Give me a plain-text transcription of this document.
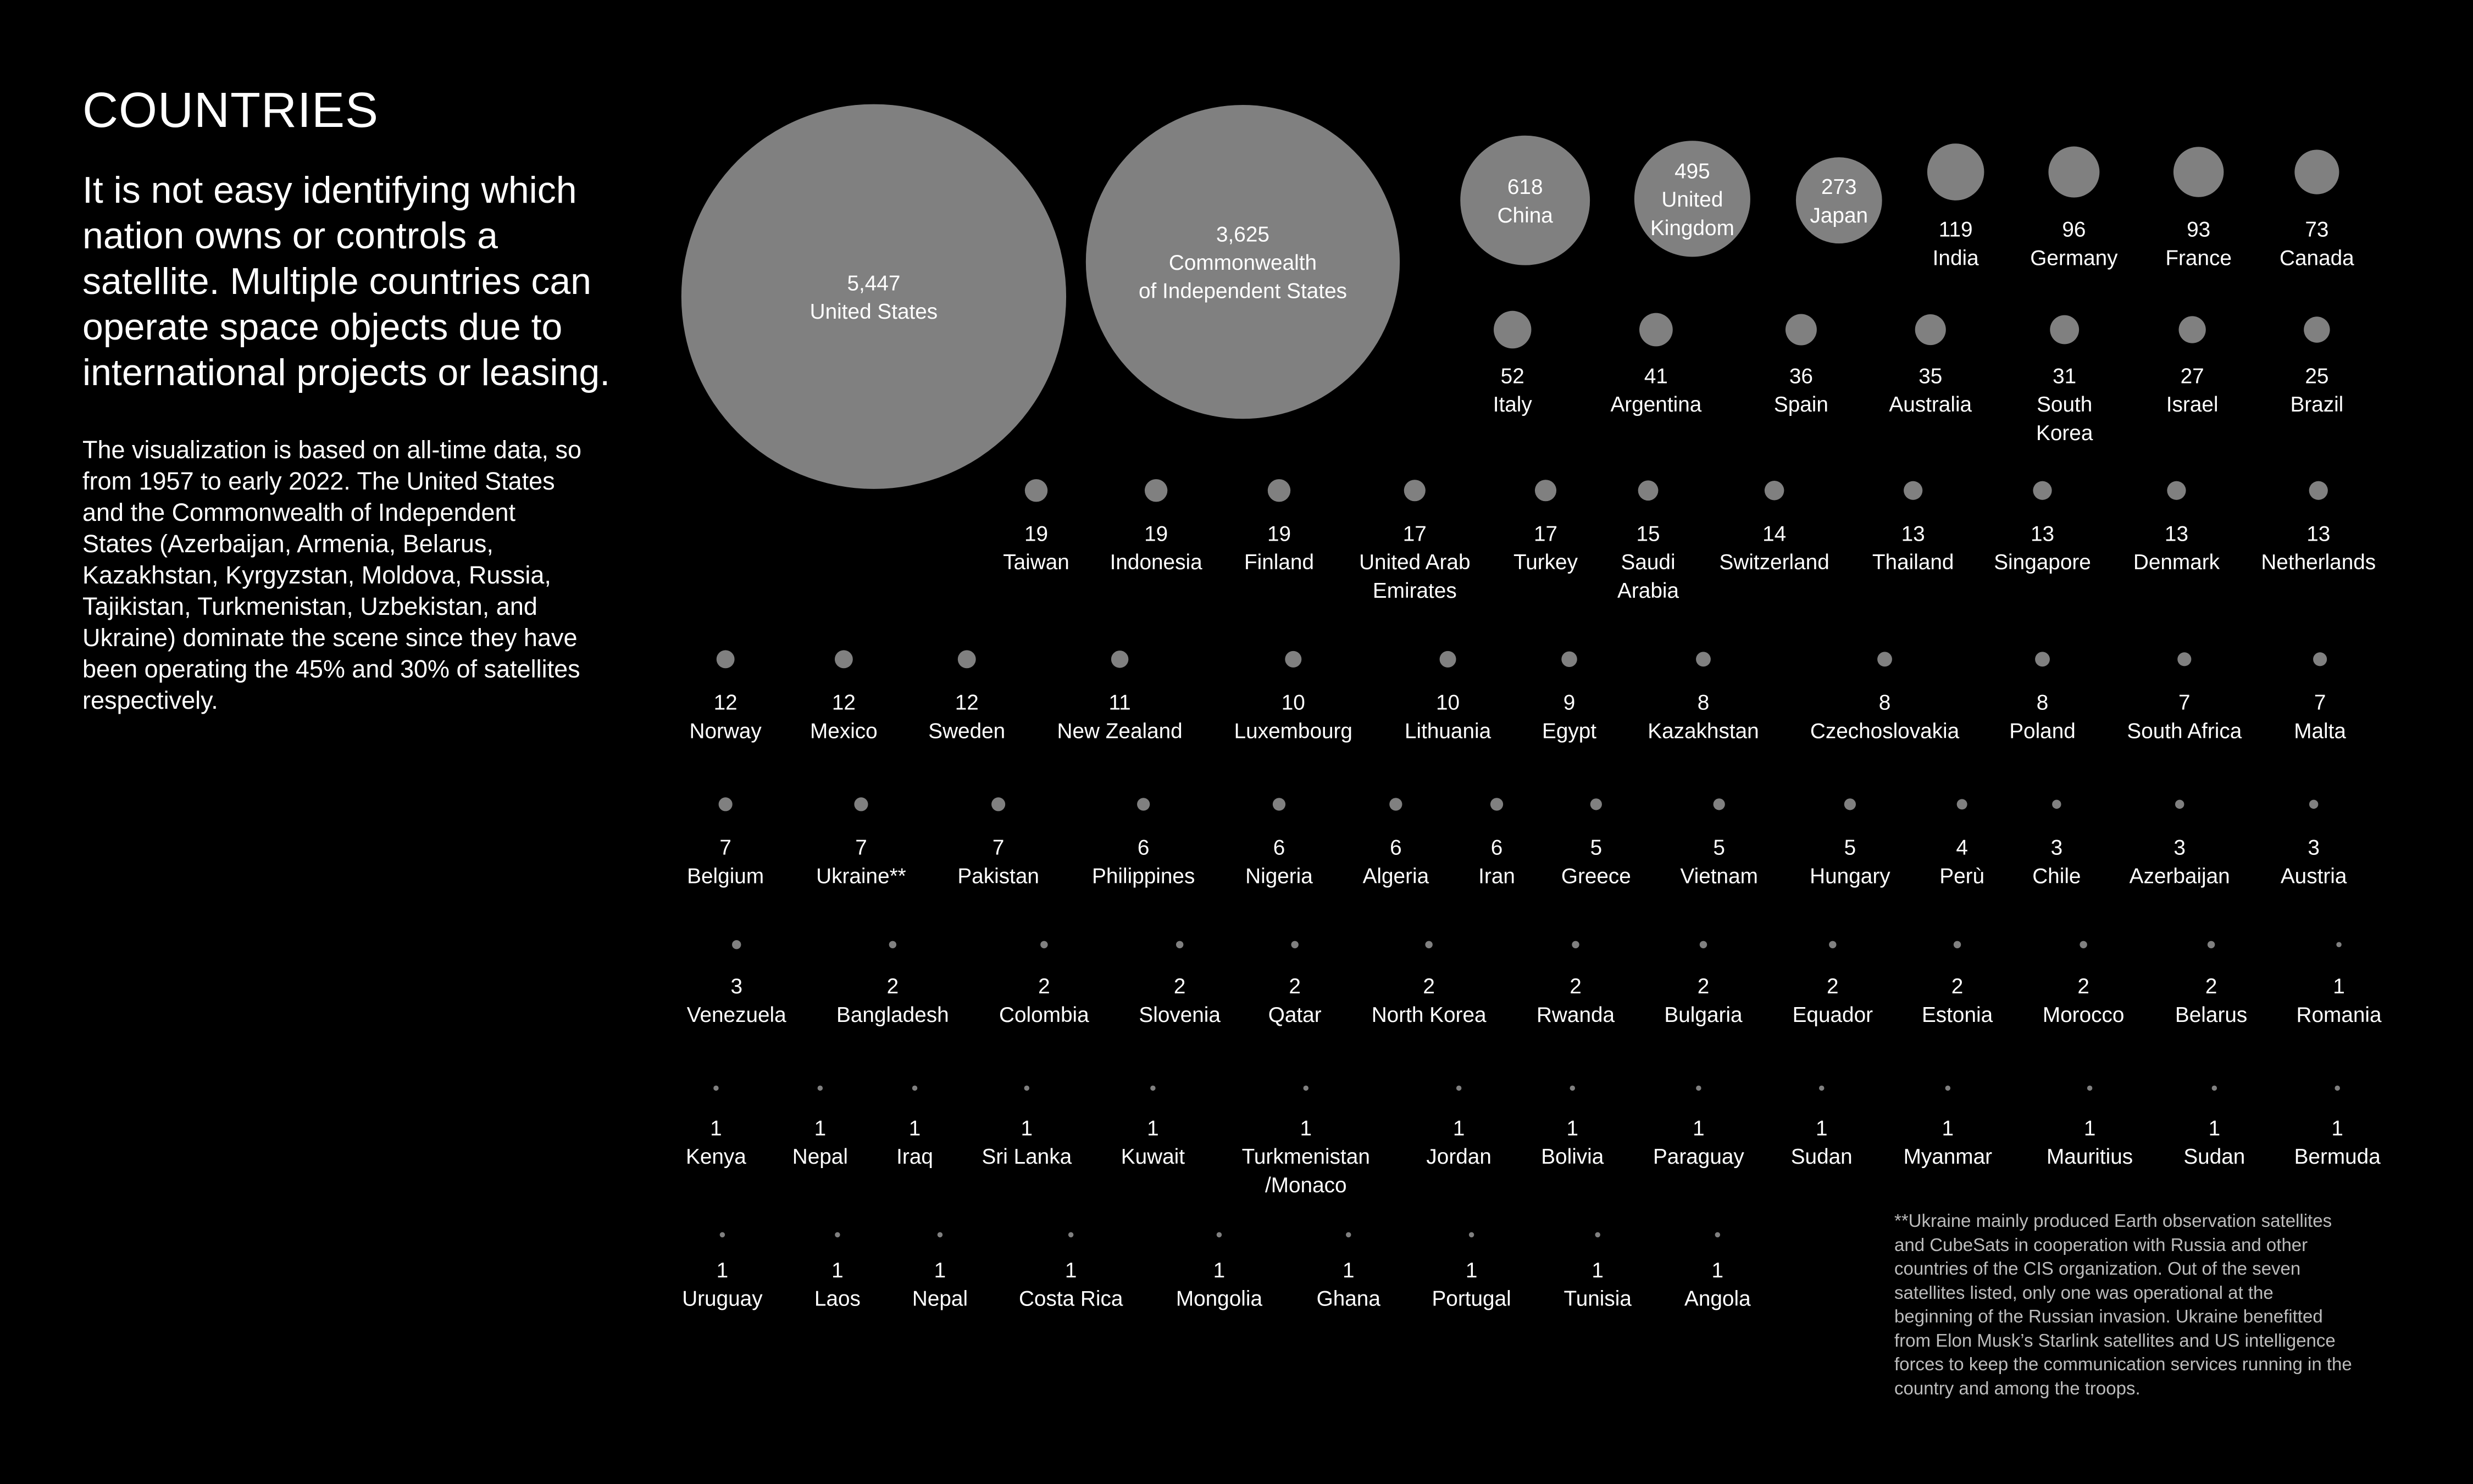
COUNTRIES
It is not easy identifying which
nation owns or controls a
satellite. Multiple countries can
operate space objects due to
international projects or leasing.
The visualization is based on all-time data, so
from 1957 to early 2022. The United States
and the Commonwealth of Independent
States (Azerbaijan, Armenia, Belarus,
Kazakhstan, Kyrgyzstan, Moldova, Russia,
Tajikistan, Turkmenistan, Uzbekistan, and
Ukraine) dominate the scene since they have
been operating the 45% and 30% of satellites
respectively.
**Ukraine mainly produced Earth observation satellites
and CubeSats in cooperation with Russia and other
countries of the CIS organization. Out of the seven
satellites listed, only one was operational at the
beginning of the Russian invasion. Ukraine benefitted
from Elon Musk’s Starlink satellites and US intelligence
forces to keep the communication services running in the
country and among the troops.
5,447 United States
3,625 Commonwealth of Independent States
618 China
495 United Kingdom
273 Japan
119 India
96 Germany
93 France
73 Canada
52 Italy
41 Argentina
36 Spain
35 Australia
31 South Korea
27 Israel
25 Brazil
19 Taiwan
19 Indonesia
19 Finland
17 United Arab Emirates
17 Turkey
15 Saudi Arabia
14 Switzerland
13 Thailand
13 Singapore
13 Denmark
13 Netherlands
12 Norway
12 Mexico
12 Sweden
11 New Zealand
10 Luxembourg
10 Lithuania
9 Egypt
8 Kazakhstan
8 Czechoslovakia
8 Poland
7 South Africa
7 Malta
7 Belgium
7 Ukraine**
7 Pakistan
6 Philippines
6 Nigeria
6 Algeria
6 Iran
5 Greece
5 Vietnam
5 Hungary
4 Perù
3 Chile
3 Azerbaijan
3 Austria
3 Venezuela
2 Bangladesh
2 Colombia
2 Slovenia
2 Qatar
2 North Korea
2 Rwanda
2 Bulgaria
2 Equador
2 Estonia
2 Morocco
2 Belarus
1 Romania
1 Kenya
1 Nepal
1 Iraq
1 Sri Lanka
1 Kuwait
1 Turkmenistan /Monaco
1 Jordan
1 Bolivia
1 Paraguay
1 Sudan
1 Myanmar
1 Mauritius
1 Sudan
1 Bermuda
1 Uruguay
1 Laos
1 Nepal
1 Costa Rica
1 Mongolia
1 Ghana
1 Portugal
1 Tunisia
1 Angola
